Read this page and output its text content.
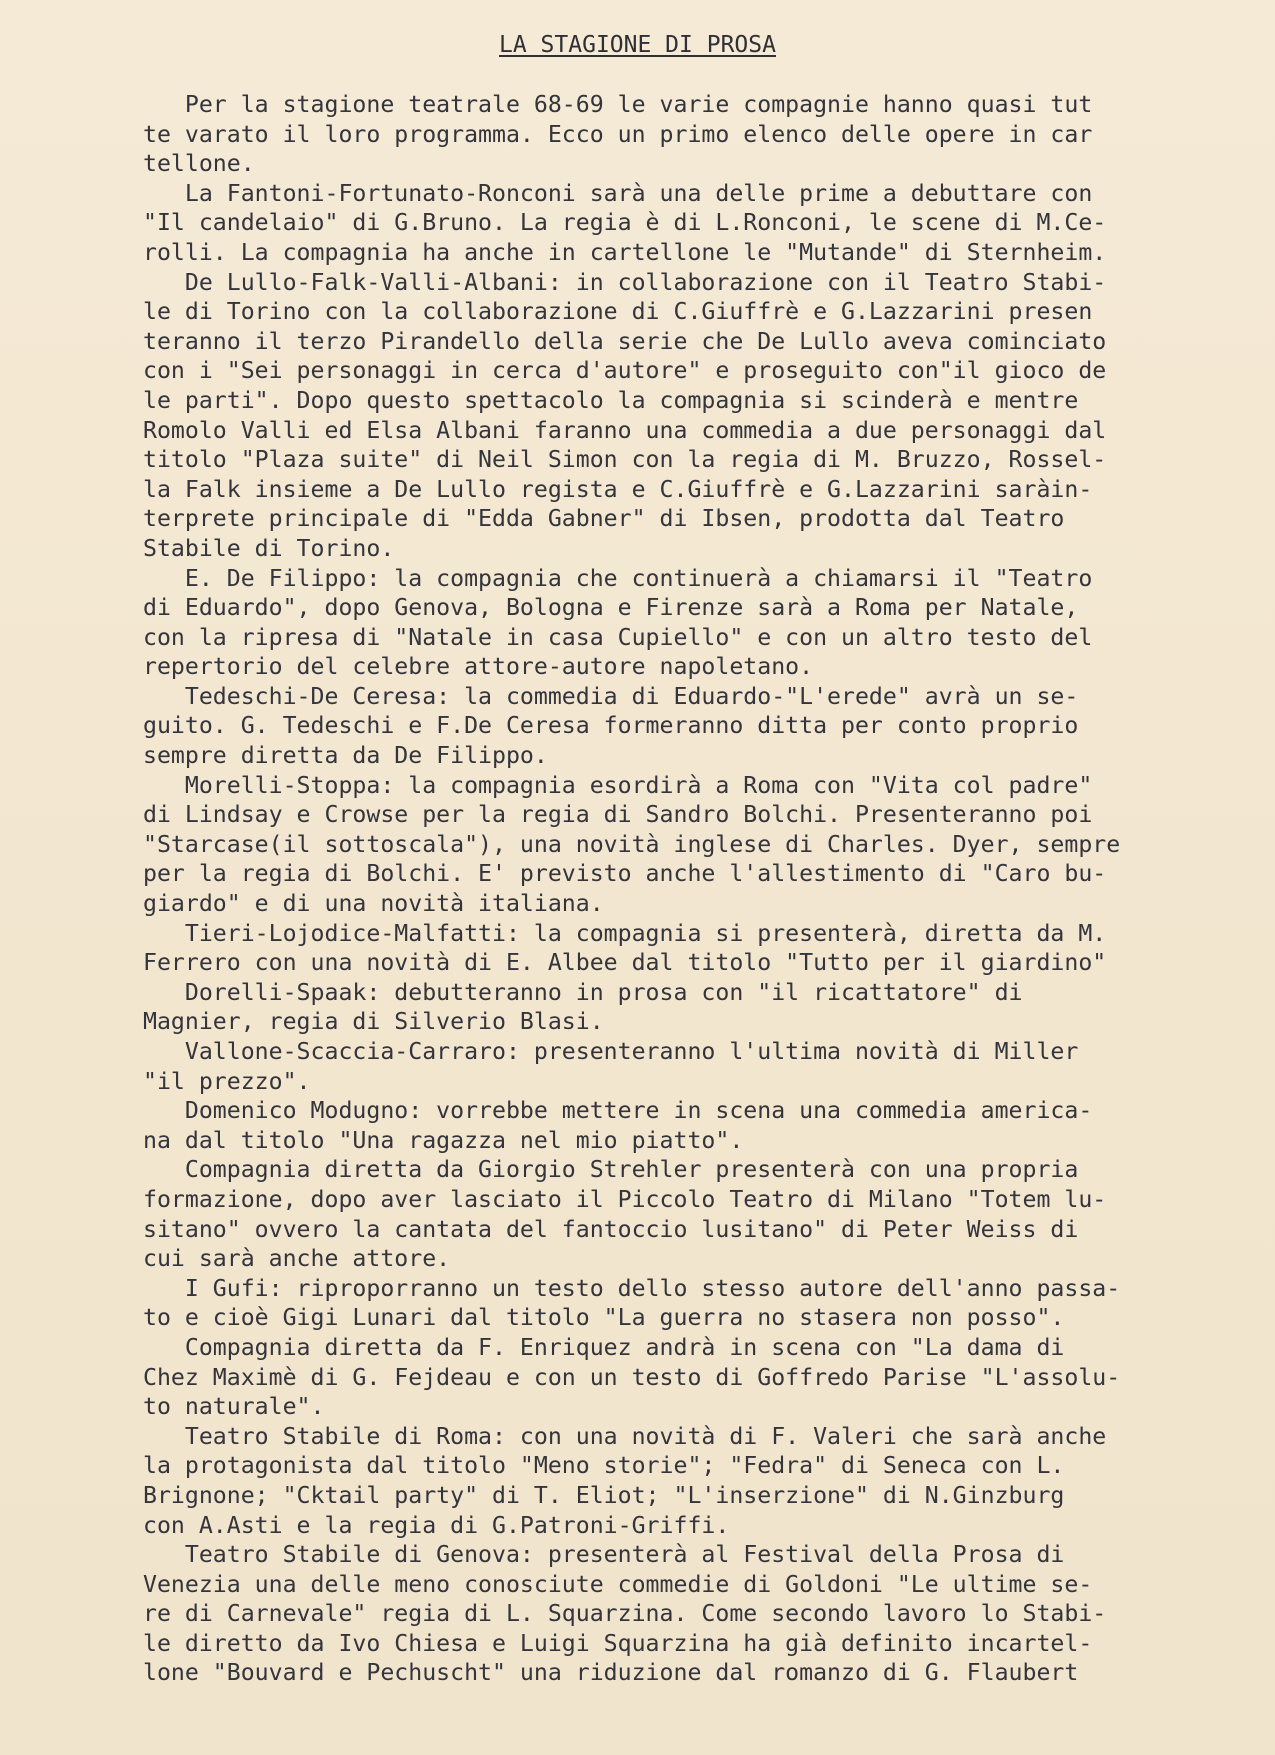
LA STAGIONE DI PROSA
Per la stagione teatrale 68-69 le varie compagnie hanno quasi tut
te varato il loro programma. Ecco un primo elenco delle opere in car
tellone.
La Fantoni-Fortunato-Ronconi sarà una delle prime a debuttare con
"Il candelaio" di G.Bruno. La regia è di L.Ronconi, le scene di M.Ce-
rolli. La compagnia ha anche in cartellone le "Mutande" di Sternheim.
De Lullo-Falk-Valli-Albani: in collaborazione con il Teatro Stabi-
le di Torino con la collaborazione di C.Giuffrè e G.Lazzarini presen
teranno il terzo Pirandello della serie che De Lullo aveva cominciato
con i "Sei personaggi in cerca d'autore" e proseguito con"il gioco de
le parti". Dopo questo spettacolo la compagnia si scinderà e mentre
Romolo Valli ed Elsa Albani faranno una commedia a due personaggi dal
titolo "Plaza suite" di Neil Simon con la regia di M. Bruzzo, Rossel-
la Falk insieme a De Lullo regista e C.Giuffrè e G.Lazzarini saràin-
terprete principale di "Edda Gabner" di Ibsen, prodotta dal Teatro
Stabile di Torino.
E. De Filippo: la compagnia che continuerà a chiamarsi il "Teatro
di Eduardo", dopo Genova, Bologna e Firenze sarà a Roma per Natale,
con la ripresa di "Natale in casa Cupiello" e con un altro testo del
repertorio del celebre attore-autore napoletano.
Tedeschi-De Ceresa: la commedia di Eduardo-"L'erede" avrà un se-
guito. G. Tedeschi e F.De Ceresa formeranno ditta per conto proprio
sempre diretta da De Filippo.
Morelli-Stoppa: la compagnia esordirà a Roma con "Vita col padre"
di Lindsay e Crowse per la regia di Sandro Bolchi. Presenteranno poi
"Starcase(il sottoscala"), una novità inglese di Charles. Dyer, sempre
per la regia di Bolchi. E' previsto anche l'allestimento di "Caro bu-
giardo" e di una novità italiana.
Tieri-Lojodice-Malfatti: la compagnia si presenterà, diretta da M.
Ferrero con una novità di E. Albee dal titolo "Tutto per il giardino"
Dorelli-Spaak: debutteranno in prosa con "il ricattatore" di
Magnier, regia di Silverio Blasi.
Vallone-Scaccia-Carraro: presenteranno l'ultima novità di Miller
"il prezzo".
Domenico Modugno: vorrebbe mettere in scena una commedia america-
na dal titolo "Una ragazza nel mio piatto".
Compagnia diretta da Giorgio Strehler presenterà con una propria
formazione, dopo aver lasciato il Piccolo Teatro di Milano "Totem lu-
sitano" ovvero la cantata del fantoccio lusitano" di Peter Weiss di
cui sarà anche attore.
I Gufi: riproporranno un testo dello stesso autore dell'anno passa-
to e cioè Gigi Lunari dal titolo "La guerra no stasera non posso".
Compagnia diretta da F. Enriquez andrà in scena con "La dama di
Chez Maximè di G. Fejdeau e con un testo di Goffredo Parise "L'assolu-
to naturale".
Teatro Stabile di Roma: con una novità di F. Valeri che sarà anche
la protagonista dal titolo "Meno storie"; "Fedra" di Seneca con L.
Brignone; "Cktail party" di T. Eliot; "L'inserzione" di N.Ginzburg
con A.Asti e la regia di G.Patroni-Griffi.
Teatro Stabile di Genova: presenterà al Festival della Prosa di
Venezia una delle meno conosciute commedie di Goldoni "Le ultime se-
re di Carnevale" regia di L. Squarzina. Come secondo lavoro lo Stabi-
le diretto da Ivo Chiesa e Luigi Squarzina ha già definito incartel-
lone "Bouvard e Pechuscht" una riduzione dal romanzo di G. Flaubert
